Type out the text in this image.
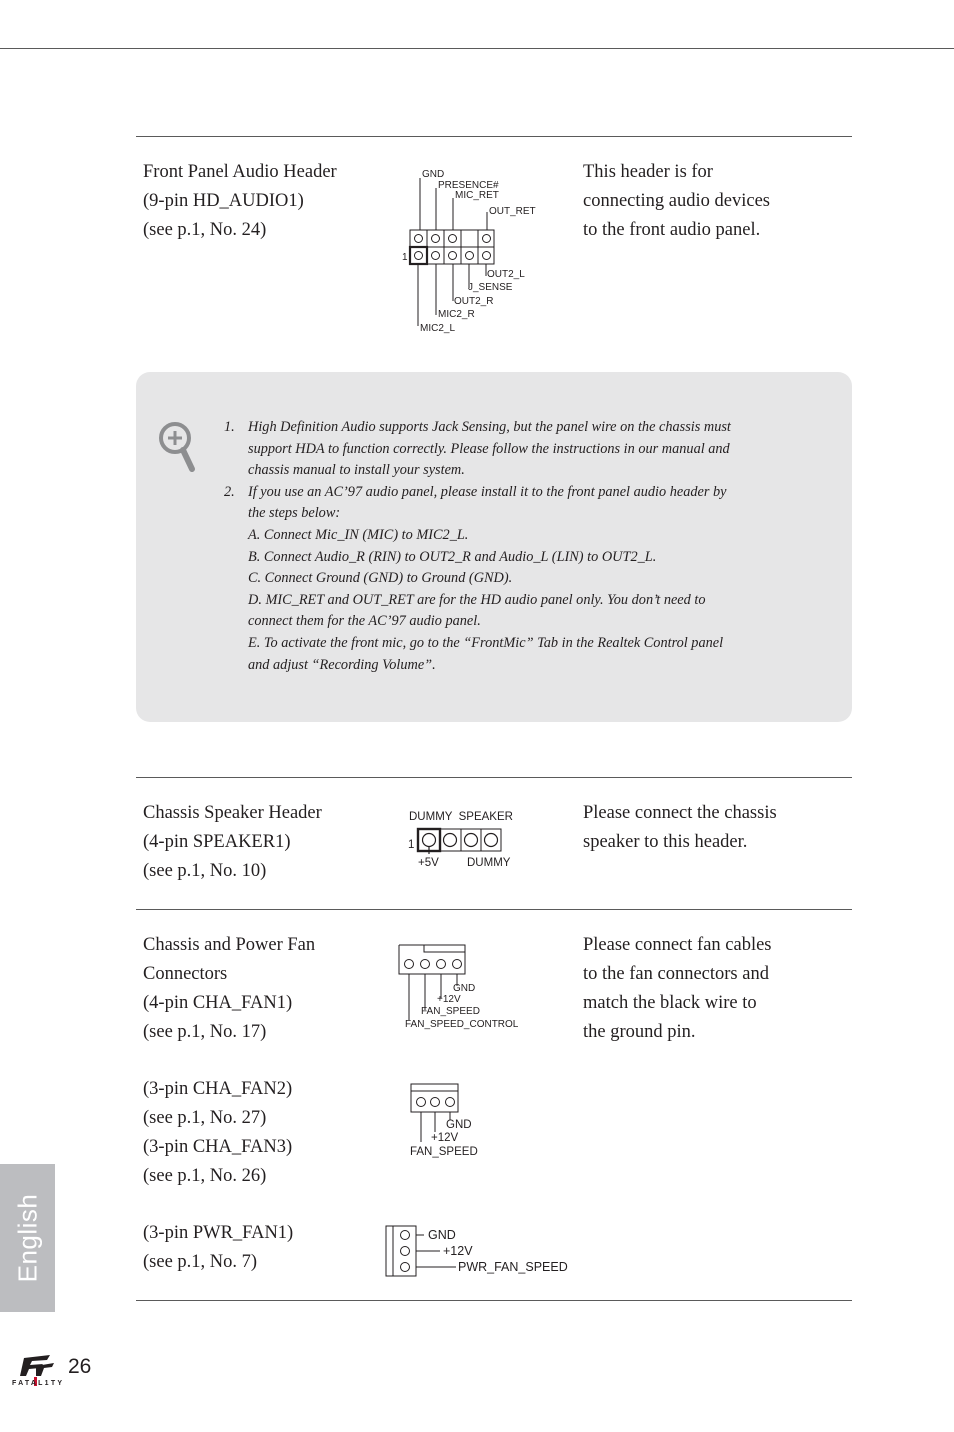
Front Panel Audio Header
(9-pin HD_AUDIO1)
(see p.1, No. 24)
This header is for
connecting audio devices
to the front audio panel.
GND
PRESENCE#
MIC_RET
OUT_RET
1
OUT2_L
J_SENSE
OUT2_R
MIC2_R
MIC2_L
1. High Definition Audio supports Jack Sensing, but the panel wire on the chassis must
support HDA to function correctly. Please follow the instructions in our manual and
chassis manual to install your system.
2. If you use an AC’97 audio panel, please install it to the front panel audio header by
the steps below:
A. Connect Mic_IN (MIC) to MIC2_L.
B. Connect Audio_R (RIN) to OUT2_R and Audio_L (LIN) to OUT2_L.
C. Connect Ground (GND) to Ground (GND).
D. MIC_RET and OUT_RET are for the HD audio panel only. You don’t need to
connect them for the AC’97 audio panel.
E. To activate the front mic, go to the “FrontMic” Tab in the Realtek Control panel
and adjust “Recording Volume”.
Chassis Speaker Header
(4-pin SPEAKER1)
(see p.1, No. 10)
Please connect the chassis
speaker to this header.
DUMMY  SPEAKER
1
+5V DUMMY
Chassis and Power Fan
Connectors
(4-pin CHA_FAN1)
(see p.1, No. 17)
Please connect fan cables
to the fan connectors and
match the black wire to
the ground pin.
GND
+12V
FAN_SPEED
FAN_SPEED_CONTROL
(3-pin CHA_FAN2)
(see p.1, No. 27)
(3-pin CHA_FAN3)
(see p.1, No. 26)
GND
+12V
FAN_SPEED
(3-pin PWR_FAN1)
(see p.1, No. 7)
GND
+12V
PWR_FAN_SPEED
English
FATAL1TY
26
